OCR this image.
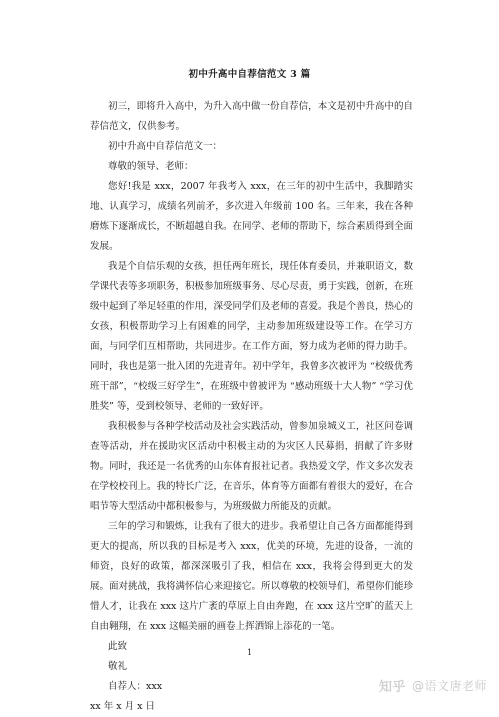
初中升高中自荐信范文 3 篇

初三，即将升入高中，为升入高中做一份自荐信，本文是初中升高中的自荐信范文，仅供参考。

初中升高中自荐信范文一：

尊敬的领导、老师：

您好!我是 xxx，2007 年我考入 xxx，在三年的初中生活中，我脚踏实地、认真学习，成绩名列前矛，多次进入年级前 100 名。三年来，我在各种磨炼下逐渐成长，不断超越自我。在同学、老师的帮助下，综合素质得到全面发展。

我是个自信乐观的女孩，担任两年班长，现任体育委员，并兼职语文，数学课代表等多项职务，积极参加班级事务、尽心尽责，勇于实践，创新，在班级中起到了举足轻重的作用，深受同学们及老师的喜爱。我是个善良，热心的女孩，积极帮助学习上有困难的同学，主动参加班级建设等工作。在学习方面，与同学们互相帮助，共同进步。在工作方面，努力成为老师的得力助手。同时，我也是第一批入团的先进青年。初中学年，我曾多次被评为 “校级优秀班干部”，“校级三好学生”，在班级中曾被评为 “感动班级十大人物” “学习优胜奖” 等，受到校领导、老师的一致好评。

我积极参与各种学校活动及社会实践活动，曾参加泉城义工，社区问卷调查等活动，并在援助灾区活动中积极主动的为灾区人民募捐，捐献了许多财物。同时，我还是一名优秀的山东体育报社记者。我热爱文学，作文多次发表在学校校刊上。我的特长广泛，在音乐，体育等方面都有着很大的爱好，在合唱节等大型活动中都积极参与，为班级做力所能及的贡献。

三年的学习和锻炼，让我有了很大的进步。我希望让自己各方面都能得到更大的提高，所以我的目标是考入 xxx，优美的环境，先进的设备，一流的师资，良好的政策，都深深吸引了我，相信在 xxx，我将会得到更大的发展。面对挑战，我将满怀信心来迎接它。所以尊敬的校领导们，希望你们能珍惜人才，让我在 xxx 这片广袤的草原上自由奔跑，在 xxx 这片空旷的蓝天上自由翱翔，在 xxx 这幅美丽的画卷上挥洒锦上添花的一笔。

此致

敬礼

自荐人：xxx

xx 年 x 月 x 日

1
知乎 @语文唐老师
